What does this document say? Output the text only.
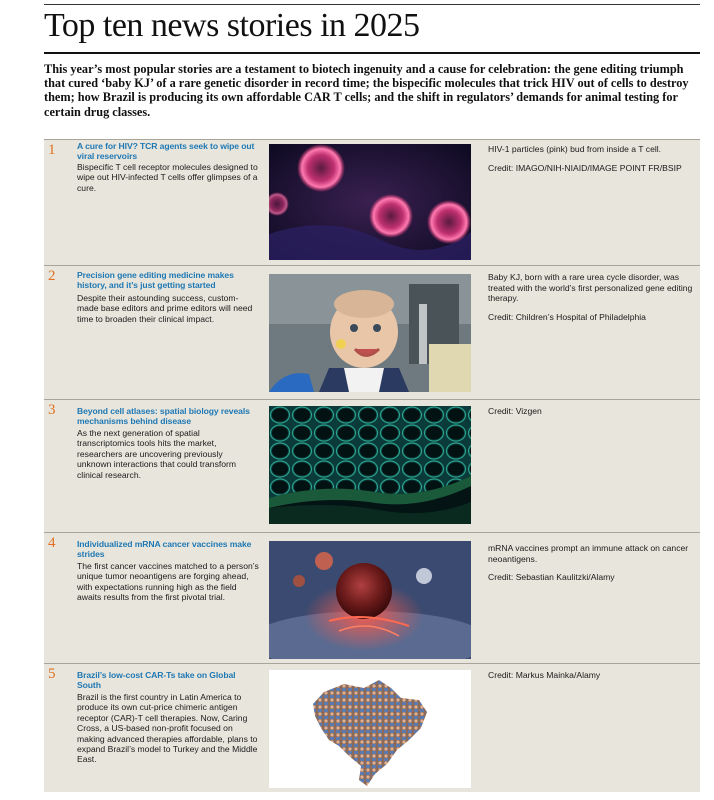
Top ten news stories in 2025

This year’s most popular stories are a testament to biotech ingenuity and a cause for celebration: the gene editing triumph that cured ‘baby KJ’ of a rare genetic disorder in record time; the bispecific molecules that trick HIV out of cells to destroy them; how Brazil is producing its own affordable CAR T cells; and the shift in regulators’ demands for animal testing for certain drug classes.

1	A cure for HIV? TCR agents seek to wipe out viral reservoirs

Bispecific T cell receptor molecules designed to wipe out HIV-infected T cells offer glimpses of a cure.

HIV-1 particles (pink) bud from inside a T cell.

Credit: IMAGO/NIH-NIAID/IMAGE POINT FR/BSIP

2	Precision gene editing medicine makes history, and it’s just getting started

Despite their astounding success, custom-made base editors and prime editors will need time to broaden their clinical impact.

Baby KJ, born with a rare urea cycle disorder, was treated with the world’s first personalized gene editing therapy.

Credit: Children’s Hospital of Philadelphia

3	Beyond cell atlases: spatial biology reveals mechanisms behind disease

As the next generation of spatial transcriptomics tools hits the market, researchers are uncovering previously unknown interactions that could transform clinical research.

Credit: Vizgen

4	Individualized mRNA cancer vaccines make strides

The first cancer vaccines matched to a person’s unique tumor neoantigens are forging ahead, with expectations running high as the field awaits results from the first pivotal trial.

mRNA vaccines prompt an immune attack on cancer neoantigens.

Credit: Sebastian Kaulitzki/Alamy

5	Brazil’s low-cost CAR-Ts take on Global South

Brazil is the first country in Latin America to produce its own cut-price chimeric antigen receptor (CAR)-T cell therapies. Now, Caring Cross, a US-based non-profit focused on making advanced therapies affordable, plans to expand Brazil’s model to Turkey and the Middle East.

Credit: Markus Mainka/Alamy
